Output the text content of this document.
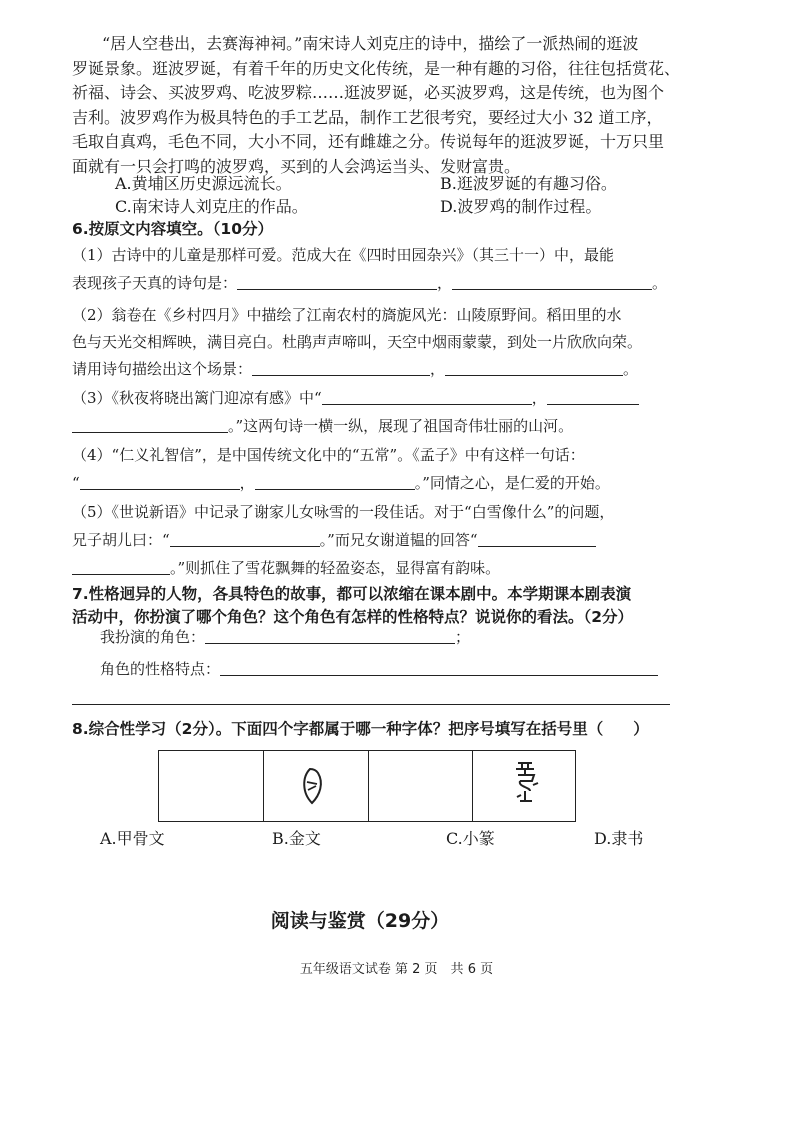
“居人空巷出，去赛海神祠。”南宋诗人刘克庄的诗中，描绘了一派热闹的逛波
罗诞景象。逛波罗诞，有着千年的历史文化传统，是一种有趣的习俗，往往包括赏花、
祈福、诗会、买波罗鸡、吃波罗粽……逛波罗诞，必买波罗鸡，这是传统，也为图个
吉利。波罗鸡作为极具特色的手工艺品，制作工艺很考究，要经过大小 32 道工序，
毛取自真鸡，毛色不同，大小不同，还有雌雄之分。传说每年的逛波罗诞，十万只里
面就有一只会打鸣的波罗鸡，买到的人会鸿运当头、发财富贵。
A.黄埔区历史源远流长。	B.逛波罗诞的有趣习俗。
C.南宋诗人刘克庄的作品。	D.波罗鸡的制作过程。
6.按原文内容填空。（10分）
（1）古诗中的儿童是那样可爱。范成大在《四时田园杂兴》（其三十一）中，最能
表现孩子天真的诗句是：	，	。
（2）翁卷在《乡村四月》中描绘了江南农村的旖旎风光：山陵原野间。稻田里的水
色与天光交相辉映，满目亮白。杜鹃声声啼叫，天空中烟雨蒙蒙，到处一片欣欣向荣。
请用诗句描绘出这个场景：	，	。
（3）《秋夜将晓出篱门迎凉有感》中“	，
。”这两句诗一横一纵，展现了祖国奇伟壮丽的山河。
（4）“仁义礼智信”，是中国传统文化中的“五常”。《孟子》中有这样一句话：
“	，	。”同情之心，是仁爱的开始。
（5）《世说新语》中记录了谢家儿女咏雪的一段佳话。对于“白雪像什么”的问题，
兄子胡儿曰：“	。”而兄女谢道韫的回答“
。”则抓住了雪花飘舞的轻盈姿态，显得富有韵味。
7.性格迥异的人物，各具特色的故事，都可以浓缩在课本剧中。本学期课本剧表演
活动中，你扮演了哪个角色？这个角色有怎样的性格特点？说说你的看法。（2分）
我扮演的角色：	；
角色的性格特点：
8.综合性学习（2分）。下面四个字都属于哪一种字体？把序号填写在括号里（ ）
A.甲骨文	B.金文	C.小篆	D.隶书
阅读与鉴赏（29分）
五年级语文试卷 第 2 页　共 6 页
